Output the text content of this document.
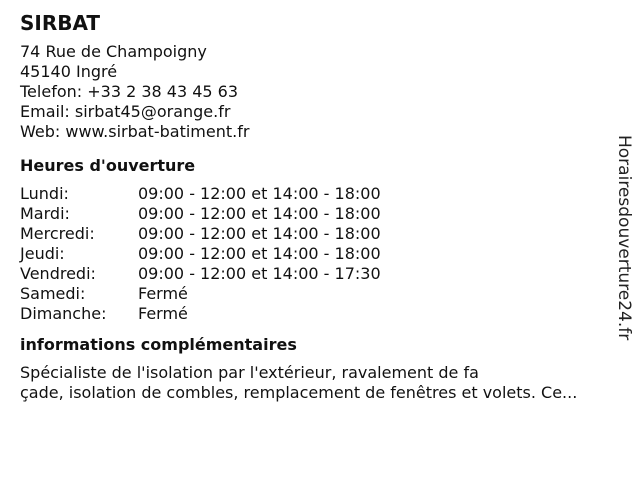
SIRBAT
74 Rue de Champoigny
45140 Ingré
Telefon: +33 2 38 43 45 63
Email: sirbat45@orange.fr
Web: www.sirbat-batiment.fr
Heures d'ouverture
Lundi:	09:00 - 12:00 et 14:00 - 18:00
Mardi:	09:00 - 12:00 et 14:00 - 18:00
Mercredi:	09:00 - 12:00 et 14:00 - 18:00
Jeudi:	09:00 - 12:00 et 14:00 - 18:00
Vendredi:	09:00 - 12:00 et 14:00 - 17:30
Samedi:	Fermé
Dimanche:	Fermé
informations complémentaires
Spécialiste de l'isolation par l'extérieur, ravalement de fa
çade, isolation de combles, remplacement de fenêtres et volets. Ce...
Horairesdouverture24.fr
